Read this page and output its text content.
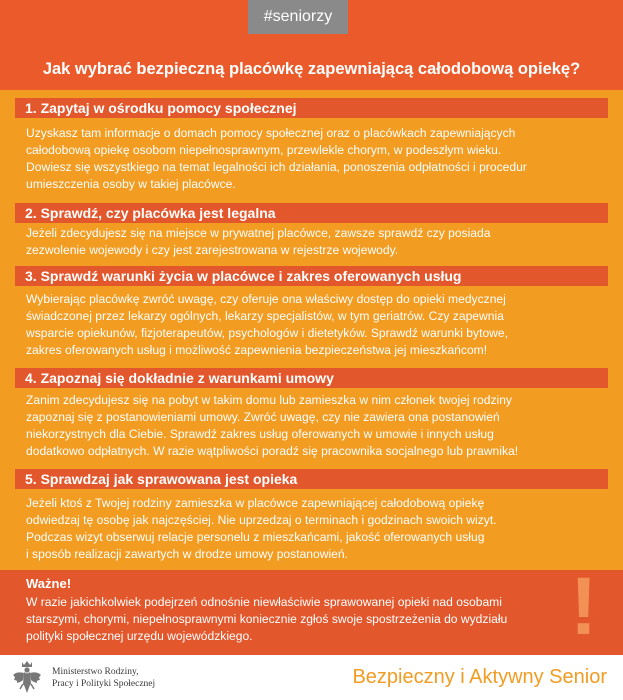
#seniorzy
Jak wybrać bezpieczną placówkę zapewniającą całodobową opiekę?
1. Zapytaj w ośrodku pomocy społecznej
Uzyskasz tam informacje o domach pomocy społecznej oraz o placówkach zapewniających
całodobową opiekę osobom niepełnosprawnym, przewlekle chorym, w podeszłym wieku.
Dowiesz się wszystkiego na temat legalności ich działania, ponoszenia odpłatności i procedur
umieszczenia osoby w takiej placówce.
2. Sprawdź, czy placówka jest legalna
Jeżeli zdecydujesz się na miejsce w prywatnej placówce, zawsze sprawdź czy posiada
zezwolenie wojewody i czy jest zarejestrowana w rejestrze wojewody.
3. Sprawdź warunki życia w placówce i zakres oferowanych usług
Wybierając placówkę zwróć uwagę, czy oferuje ona właściwy dostęp do opieki medycznej
świadczonej przez lekarzy ogólnych, lekarzy specjalistów, w tym geriatrów. Czy zapewnia
wsparcie opiekunów, fizjoterapeutów, psychologów i dietetyków. Sprawdź warunki bytowe,
zakres oferowanych usług i możliwość zapewnienia bezpieczeństwa jej mieszkańcom!
4. Zapoznaj się dokładnie z warunkami umowy
Zanim zdecydujesz się na pobyt w takim domu lub zamieszka w nim członek twojej rodziny
zapoznaj się z postanowieniami umowy. Zwróć uwagę, czy nie zawiera ona postanowień
niekorzystnych dla Ciebie. Sprawdź zakres usług oferowanych w umowie i innych usług
dodatkowo odpłatnych. W razie wątpliwości poradź się pracownika socjalnego lub prawnika!
5. Sprawdzaj jak sprawowana jest opieka
Jeżeli ktoś z Twojej rodziny zamieszka w placówce zapewniającej całodobową opiekę
odwiedzaj tę osobę jak najczęściej. Nie uprzedzaj o terminach i godzinach swoich wizyt.
Podczas wizyt obserwuj relacje personelu z mieszkańcami, jakość oferowanych usług
i sposób realizacji zawartych w drodze umowy postanowień.
!
Ważne!
W razie jakichkolwiek podejrzeń odnośnie niewłaściwie sprawowanej opieki nad osobami
starszymi, chorymi, niepełnosprawnymi koniecznie zgłoś swoje spostrzeżenia do wydziału
polityki społecznej urzędu wojewódzkiego.
Ministerstwo Rodziny,
Pracy i Polityki Społecznej	Bezpieczny i Aktywny Senior
